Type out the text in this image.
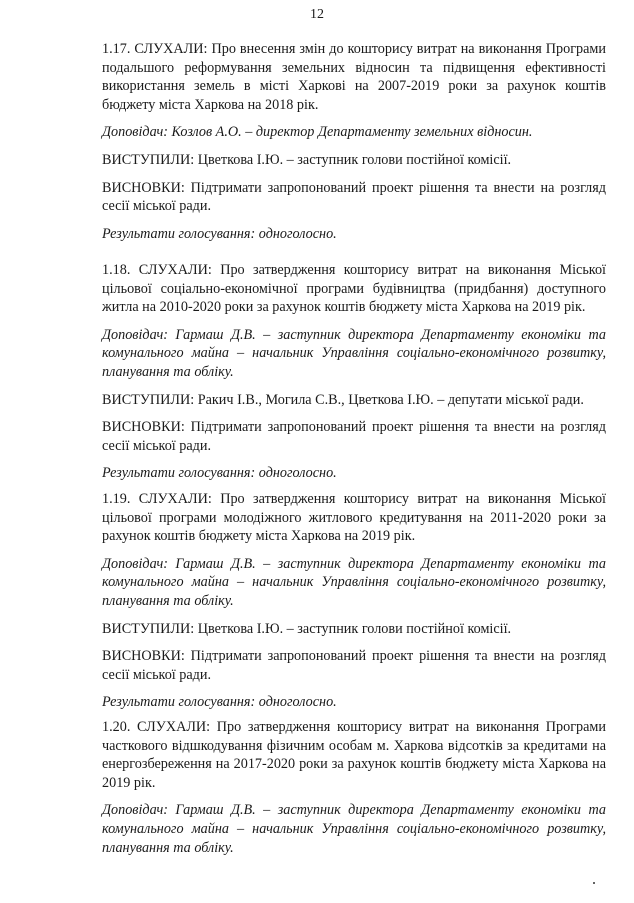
12

1.17. СЛУХАЛИ: Про внесення змін до кошторису витрат на виконання Програми подальшого реформування земельних відносин та підвищення ефективності використання земель в місті Харкові на 2007-2019 роки за рахунок коштів бюджету міста Харкова на 2018 рік.

Доповідач: Козлов А.О. – директор Департаменту земельних відносин.

ВИСТУПИЛИ: Цветкова І.Ю. – заступник голови постійної комісії.

ВИСНОВКИ: Підтримати запропонований проект рішення та внести на розгляд сесії міської ради.

Результати голосування: одноголосно.

1.18. СЛУХАЛИ: Про затвердження кошторису витрат на виконання Міської цільової соціально-економічної програми будівництва (придбання) доступного житла на 2010-2020 роки за рахунок коштів бюджету міста Харкова на 2019 рік.

Доповідач: Гармаш Д.В. – заступник директора Департаменту економіки та комунального майна – начальник Управління соціально-економічного розвитку, планування та обліку.

ВИСТУПИЛИ: Ракич І.В., Могила С.В., Цветкова І.Ю. – депутати міської ради.

ВИСНОВКИ: Підтримати запропонований проект рішення та внести на розгляд сесії міської ради.

Результати голосування: одноголосно.

1.19. СЛУХАЛИ: Про затвердження кошторису витрат на виконання Міської цільової програми молодіжного житлового кредитування на 2011-2020 роки за рахунок коштів бюджету міста Харкова на 2019 рік.

Доповідач: Гармаш Д.В. – заступник директора Департаменту економіки та комунального майна – начальник Управління соціально-економічного розвитку, планування та обліку.

ВИСТУПИЛИ: Цветкова І.Ю. – заступник голови постійної комісії.

ВИСНОВКИ: Підтримати запропонований проект рішення та внести на розгляд сесії міської ради.

Результати голосування: одноголосно.

1.20. СЛУХАЛИ: Про затвердження кошторису витрат на виконання Програми часткового відшкодування фізичним особам м. Харкова відсотків за кредитами на енергозбереження на 2017-2020 роки за рахунок коштів бюджету міста Харкова на 2019 рік.

Доповідач: Гармаш Д.В. – заступник директора Департаменту економіки та комунального майна – начальник Управління соціально-економічного розвитку, планування та обліку.
